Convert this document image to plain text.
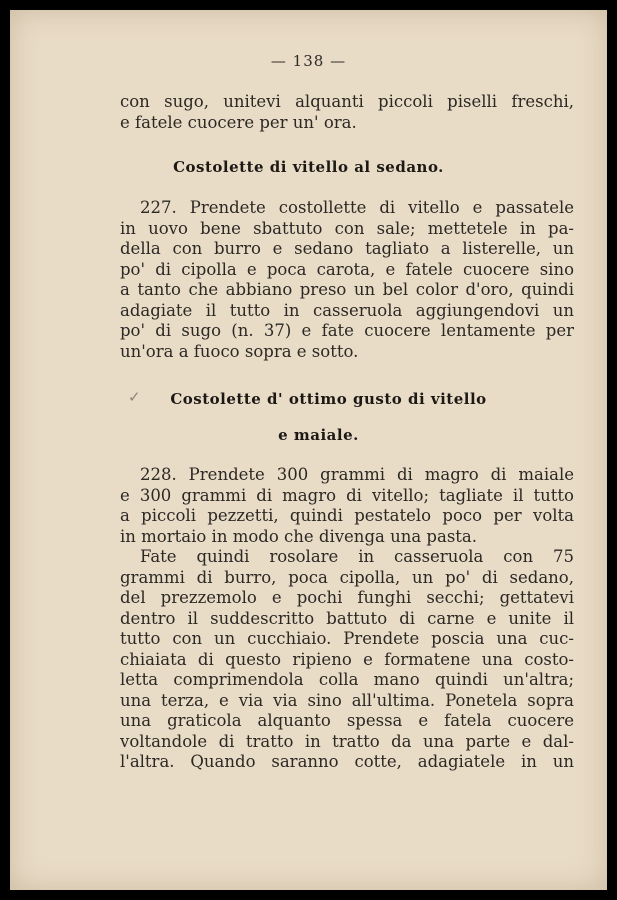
— 138 —
con sugo, unitevi alquanti piccoli piselli freschi,
e fatele cuocere per un' ora.
Costolette di vitello al sedano.
227. Prendete costollette di vitello e passatele
in uovo bene sbattuto con sale; mettetele in pa-
della con burro e sedano tagliato a listerelle, un
po' di cipolla e poca carota, e fatele cuocere sino
a tanto che abbiano preso un bel color d'oro, quindi
adagiate il tutto in casseruola aggiungendovi un
po' di sugo (n. 37) e fate cuocere lentamente per
un'ora a fuoco sopra e sotto.
✓	Costolette d' ottimo gusto di vitello
e maiale.
228. Prendete 300 grammi di magro di maiale
e 300 grammi di magro di vitello; tagliate il tutto
a piccoli pezzetti, quindi pestatelo poco per volta
in mortaio in modo che divenga una pasta.
Fate quindi rosolare in casseruola con 75
grammi di burro, poca cipolla, un po' di sedano,
del prezzemolo e pochi funghi secchi; gettatevi
dentro il suddescritto battuto di carne e unite il
tutto con un cucchiaio. Prendete poscia una cuc-
chiaiata di questo ripieno e formatene una costo-
letta comprimendola colla mano quindi un'altra;
una terza, e via via sino all'ultima. Ponetela sopra
una graticola alquanto spessa e fatela cuocere
voltandole di tratto in tratto da una parte e dal-
l'altra. Quando saranno cotte, adagiatele in un
